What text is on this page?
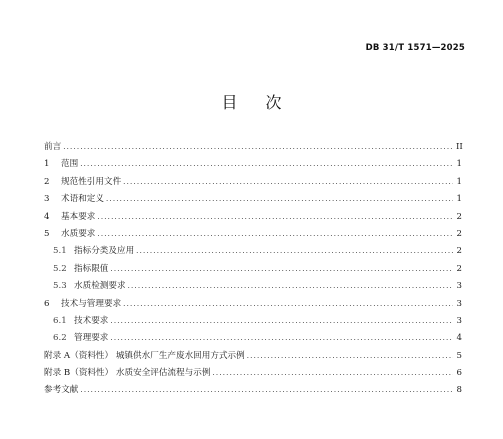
DB 31/T 1571—2025
目次
前言 .....	II
1	范围 .....	1
2	规范性引用文件 .....	1
3	术语和定义 .....	1
4	基本要求 .....	2
5	水质要求 .....	2
5.1 指标分类及应用 .....	2
5.2 指标限值 .....	2
5.3 水质检测要求 .....	3
6	技术与管理要求 .....	3
6.1 技术要求 .....	3
6.2 管理要求 .....	4
附录 A（资料性） 城镇供水厂生产废水回用方式示例 .....	5
附录 B（资料性） 水质安全评估流程与示例 .....	6
参考文献 .....	8
